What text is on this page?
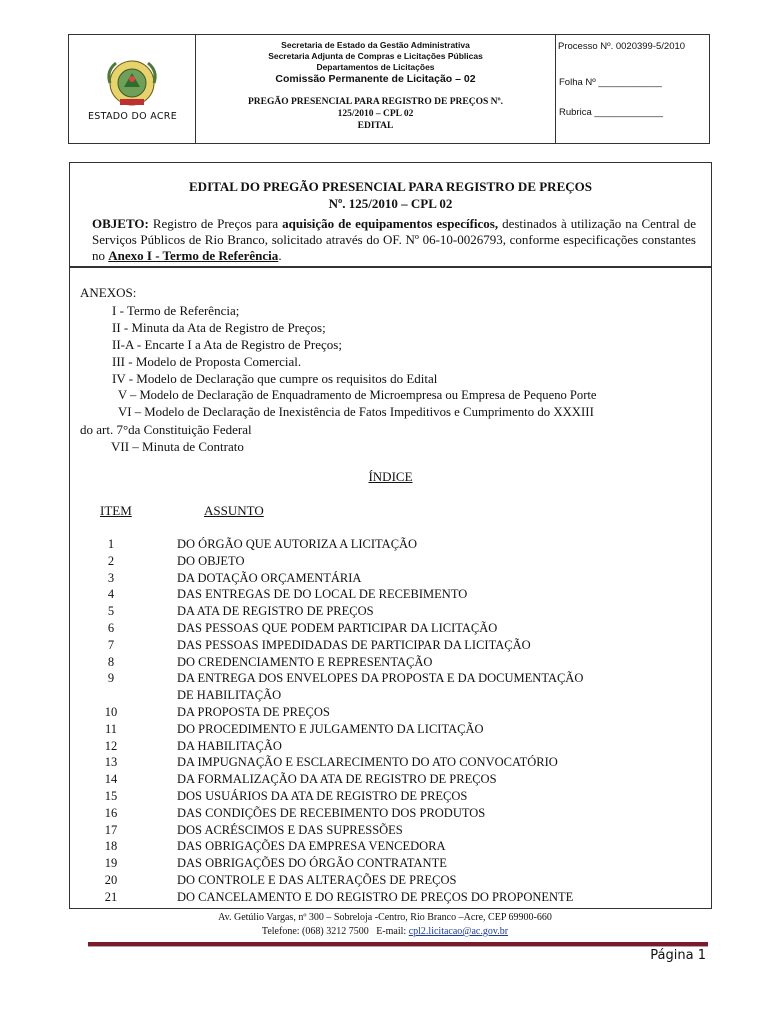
ESTADO DO ACRE
Secretaria de Estado da Gestão Administrativa
Secretaria Adjunta de Compras e Licitações Públicas
Departamentos de Licitações
Comissão Permanente de Licitação – 02
PREGÃO PRESENCIAL PARA REGISTRO DE PREÇOS Nº.
125/2010 – CPL 02
EDITAL
Processo Nº. 0020399-5/2010
Folha Nº ____________
Rubrica _____________
EDITAL DO PREGÃO PRESENCIAL PARA REGISTRO DE PREÇOS
Nº. 125/2010 – CPL 02
OBJETO: Registro de Preços para aquisição de equipamentos específicos, destinados à utilização na Central de Serviços Públicos de Rio Branco, solicitado através do OF. Nº 06-10-0026793, conforme especificações constantes no Anexo I - Termo de Referência.
ANEXOS:
I - Termo de Referência;
II - Minuta da Ata de Registro de Preços;
II-A - Encarte I a Ata de Registro de Preços;
III - Modelo de Proposta Comercial.
IV - Modelo de Declaração que cumpre os requisitos do Edital
V – Modelo de Declaração de Enquadramento de Microempresa ou Empresa de Pequeno Porte
VI – Modelo de Declaração de Inexistência de Fatos Impeditivos e Cumprimento do XXXIII
do art. 7°da Constituição Federal
VII – Minuta de Contrato
ÍNDICE
ITEM	ASSUNTO
1	DO ÓRGÃO QUE AUTORIZA A LICITAÇÃO
2	DO OBJETO
3	DA DOTAÇÃO ORÇAMENTÁRIA
4	DAS ENTREGAS DE DO LOCAL DE RECEBIMENTO
5	DA ATA DE REGISTRO DE PREÇOS
6	DAS PESSOAS QUE PODEM PARTICIPAR DA LICITAÇÃO
7	DAS PESSOAS IMPEDIDADAS DE PARTICIPAR DA LICITAÇÃO
8	DO CREDENCIAMENTO E REPRESENTAÇÃO
9	DA ENTREGA DOS ENVELOPES DA PROPOSTA E DA DOCUMENTAÇÃO
DE HABILITAÇÃO
10	DA PROPOSTA DE PREÇOS
11	DO PROCEDIMENTO E JULGAMENTO DA LICITAÇÃO
12	DA HABILITAÇÃO
13	DA IMPUGNAÇÃO E ESCLARECIMENTO DO ATO CONVOCATÓRIO
14	DA FORMALIZAÇÃO DA ATA DE REGISTRO DE PREÇOS
15	DOS USUÁRIOS DA ATA DE REGISTRO DE PREÇOS
16	DAS CONDIÇÕES DE RECEBIMENTO DOS PRODUTOS
17	DOS ACRÉSCIMOS E DAS SUPRESSÕES
18	DAS OBRIGAÇÕES DA EMPRESA VENCEDORA
19	DAS OBRIGAÇÕES DO ÓRGÃO CONTRATANTE
20	DO CONTROLE E DAS ALTERAÇÕES DE PREÇOS
21	DO CANCELAMENTO E DO REGISTRO DE PREÇOS DO PROPONENTE
Av. Getúlio Vargas, nº 300 – Sobreloja -Centro, Rio Branco –Acre, CEP 69900-660
Telefone: (068) 3212 7500 E-mail: cpl2.licitacao@ac.gov.br
Página 1
